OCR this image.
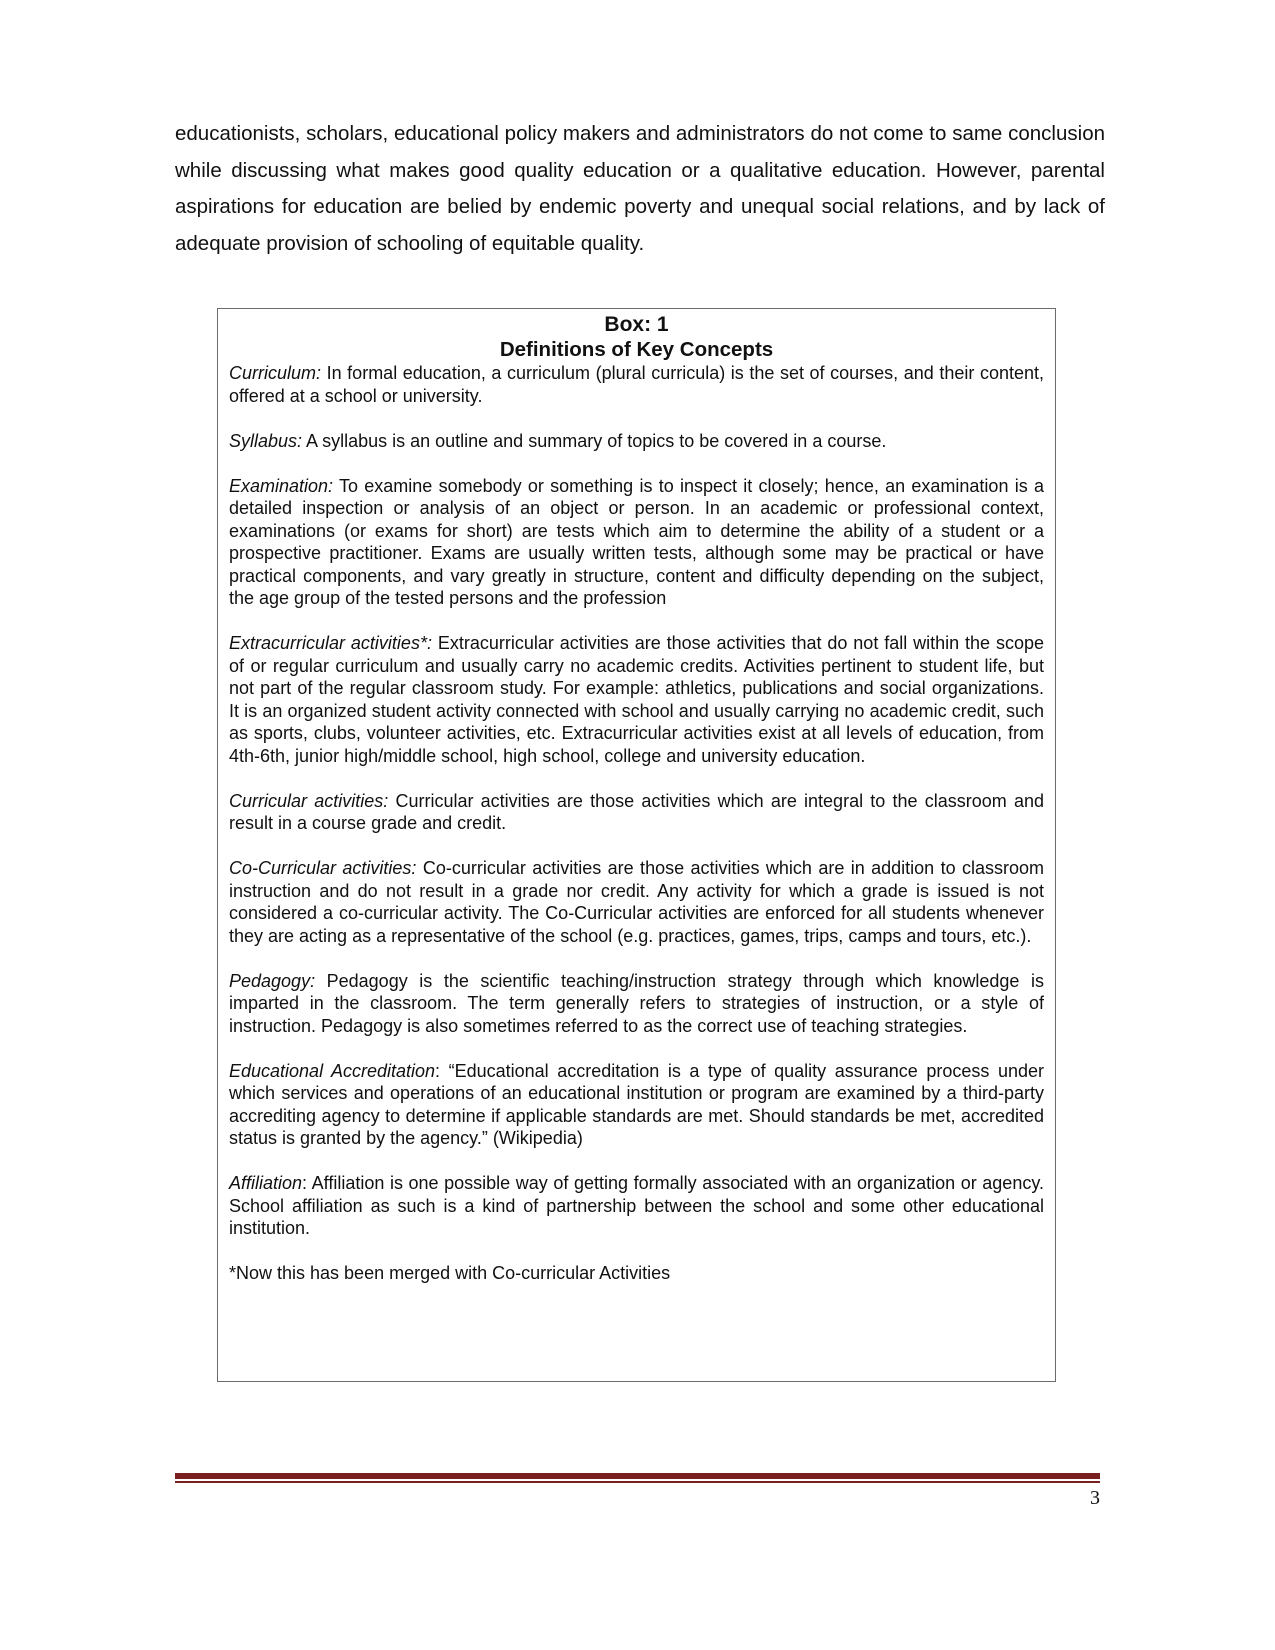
educationists, scholars, educational policy makers and administrators do not come to same conclusion while discussing what makes good quality education or a qualitative education. However, parental aspirations for education are belied by endemic poverty and unequal social relations, and by lack of adequate provision of schooling of equitable quality.

Box: 1

Definitions of Key Concepts

Curriculum: In formal education, a curriculum (plural curricula) is the set of courses, and their content, offered at a school or university.

Syllabus: A syllabus is an outline and summary of topics to be covered in a course.

Examination: To examine somebody or something is to inspect it closely; hence, an examination is a detailed inspection or analysis of an object or person. In an academic or professional context, examinations (or exams for short) are tests which aim to determine the ability of a student or a prospective practitioner. Exams are usually written tests, although some may be practical or have practical components, and vary greatly in structure, content and difficulty depending on the subject, the age group of the tested persons and the profession

Extracurricular activities*: Extracurricular activities are those activities that do not fall within the scope of or regular curriculum and usually carry no academic credits. Activities pertinent to student life, but not part of the regular classroom study. For example: athletics, publications and social organizations. It is an organized student activity connected with school and usually carrying no academic credit, such as sports, clubs, volunteer activities, etc. Extracurricular activities exist at all levels of education, from 4th-6th, junior high/middle school, high school, college and university education.

Curricular activities: Curricular activities are those activities which are integral to the classroom and result in a course grade and credit.

Co-Curricular activities: Co-curricular activities are those activities which are in addition to classroom instruction and do not result in a grade nor credit. Any activity for which a grade is issued is not considered a co-curricular activity. The Co-Curricular activities are enforced for all students whenever they are acting as a representative of the school (e.g. practices, games, trips, camps and tours, etc.).

Pedagogy: Pedagogy is the scientific teaching/instruction strategy through which knowledge is imparted in the classroom. The term generally refers to strategies of instruction, or a style of instruction. Pedagogy is also sometimes referred to as the correct use of teaching strategies.

Educational Accreditation: “Educational accreditation is a type of quality assurance process under which services and operations of an educational institution or program are examined by a third-party accrediting agency to determine if applicable standards are met. Should standards be met, accredited status is granted by the agency.” (Wikipedia)

Affiliation: Affiliation is one possible way of getting formally associated with an organization or agency. School affiliation as such is a kind of partnership between the school and some other educational institution.

*Now this has been merged with Co-curricular Activities

3
